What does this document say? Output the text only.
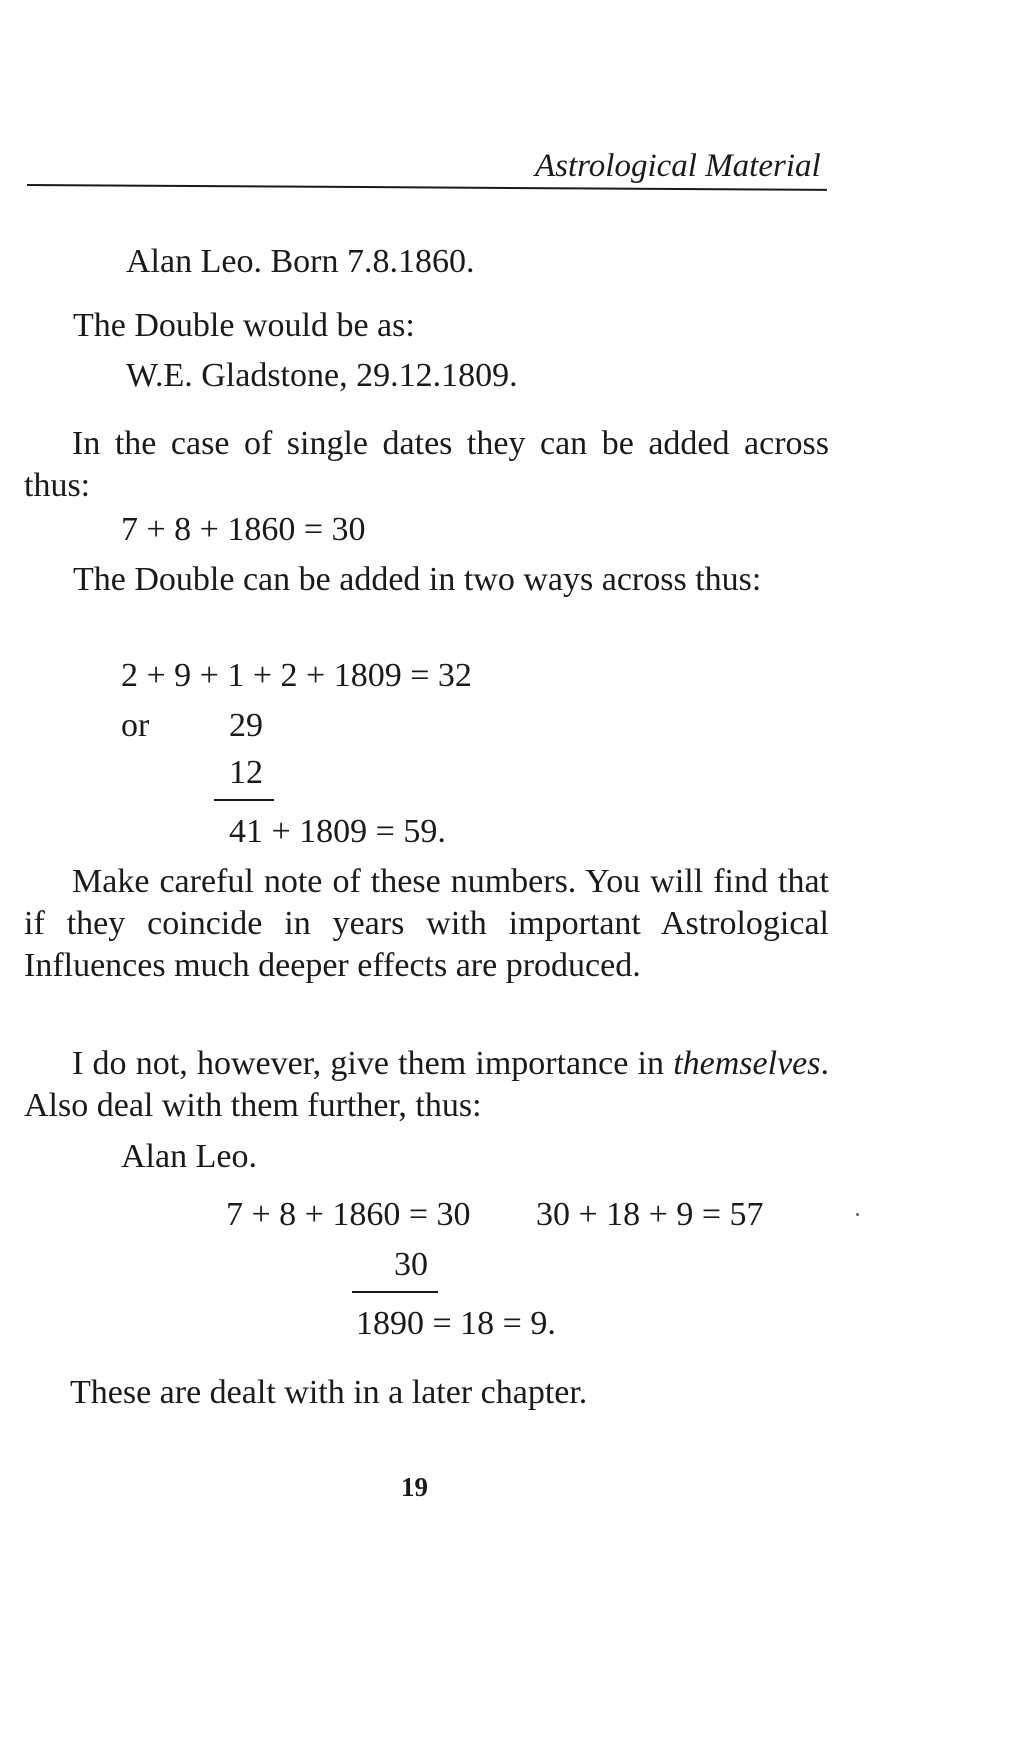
Astrological Material
Alan Leo. Born 7.8.1860.
The Double would be as:
W.E. Gladstone, 29.12.1809.
In the case of single dates they can be added across thus:
7 + 8 + 1860 = 30
The Double can be added in two ways across thus:
2 + 9 + 1 + 2 + 1809 = 32
or 29
12
41 + 1809 = 59.
Make careful note of these numbers. You will find that if they coincide in years with important Astrological Influences much deeper effects are produced.
I do not, however, give them importance in themselves. Also deal with them further, thus:
Alan Leo.
7 + 8 + 1860 = 30 30 + 18 + 9 = 57
30
1890 = 18 = 9.
These are dealt with in a later chapter.
19
